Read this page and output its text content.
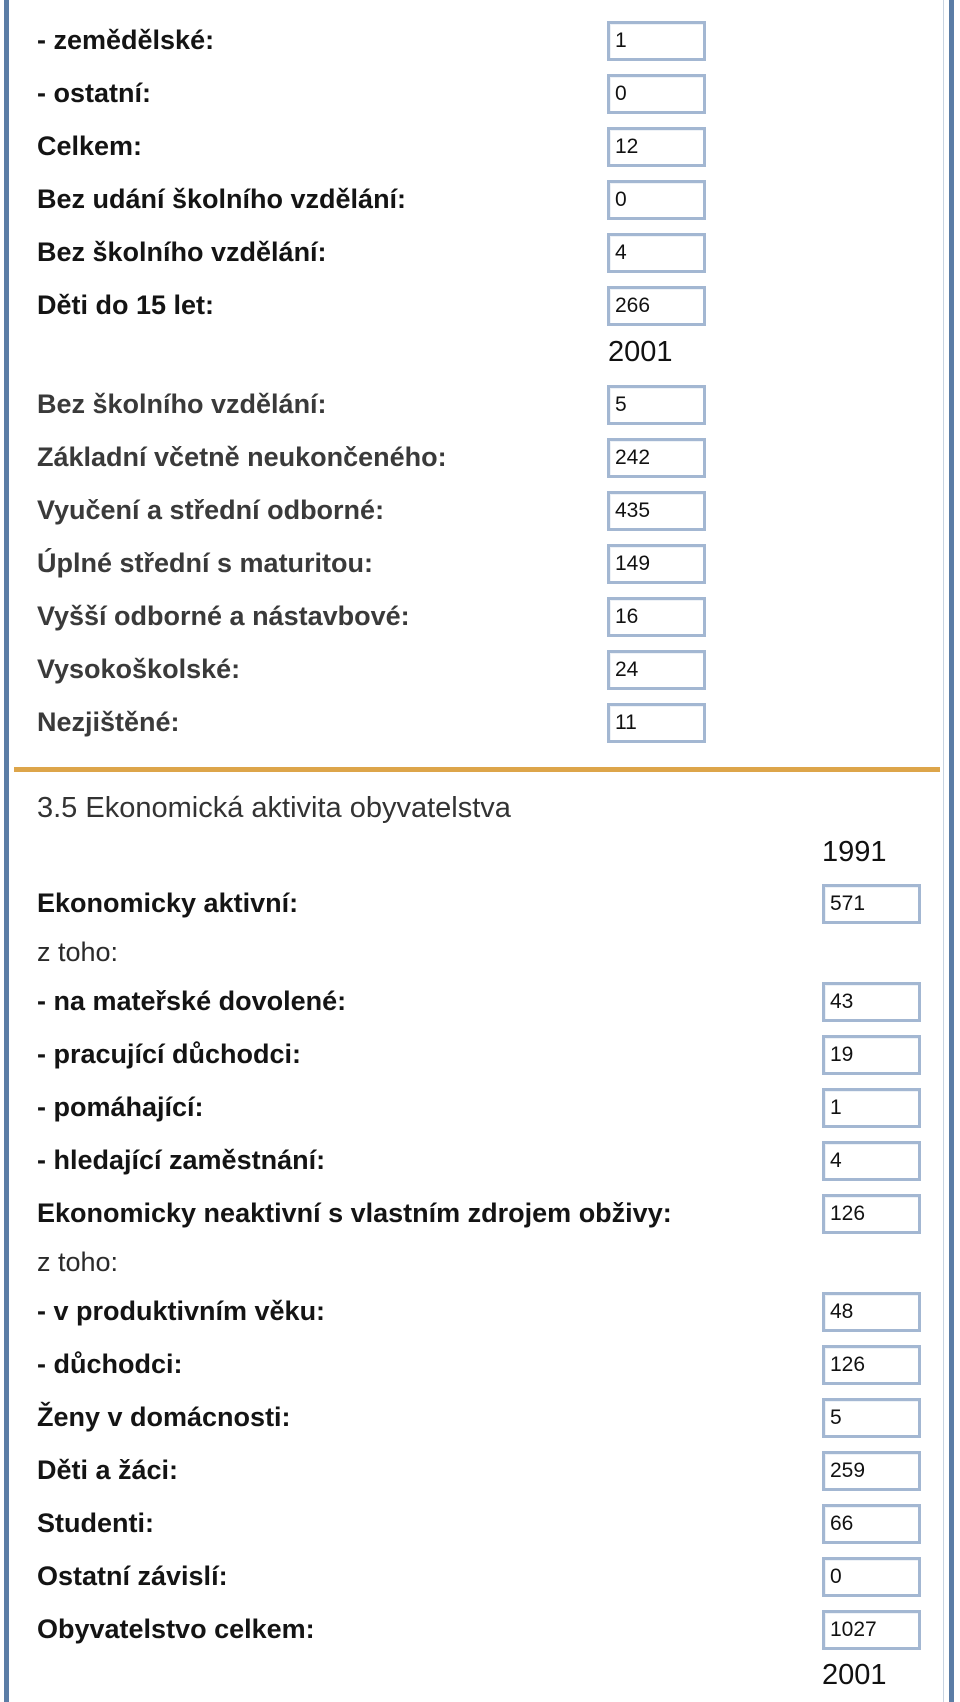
- zemědělské:	1
- ostatní:	0
Celkem:	12
Bez udání školního vzdělání:	0
Bez školního vzdělání:	4
Děti do 15 let:	266
2001
Bez školního vzdělání:	5
Základní včetně neukončeného:	242
Vyučení a střední odborné:	435
Úplné střední s maturitou:	149
Vyšší odborné a nástavbové:	16
Vysokoškolské:	24
Nezjištěné:	11
3.5 Ekonomická aktivita obyvatelstva
1991
Ekonomicky aktivní:	571
z toho:
- na mateřské dovolené:	43
- pracující důchodci:	19
- pomáhající:	1
- hledající zaměstnání:	4
Ekonomicky neaktivní s vlastním zdrojem obživy:	126
z toho:
- v produktivním věku:	48
- důchodci:	126
Ženy v domácnosti:	5
Děti a žáci:	259
Studenti:	66
Ostatní závislí:	0
Obyvatelstvo celkem:	1027
2001
